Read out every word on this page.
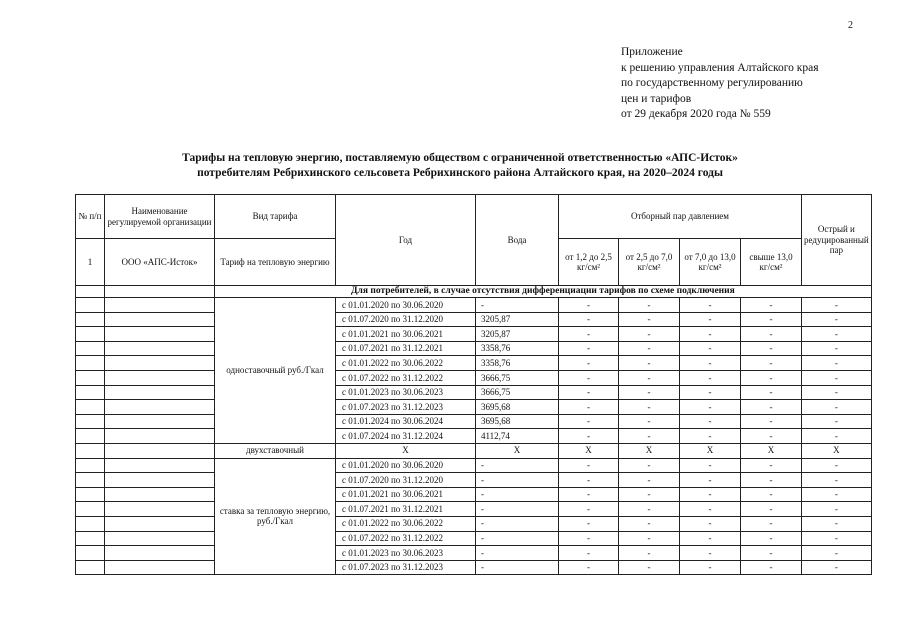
2
Приложение
к решению управления Алтайского края
по государственному регулированию
цен и тарифов
от 29 декабря 2020 года № 559
Тарифы на тепловую энергию, поставляемую обществом с ограниченной ответственностью «АПС-Исток»
потребителям Ребрихинского сельсовета Ребрихинского района Алтайского края, на 2020–2024 годы
№ п/п	Наименование регулируемой организации	Вид тарифа	Год	Вода	Отборный пар давлением				Острый и редуцированный пар
1	ООО «АПС-Исток»	Тариф на тепловую энергию			от 1,2 до 2,5 кг/см²	от 2,5 до 7,0 кг/см²	от 7,0 до 13,0 кг/см²	свыше 13,0 кг/см²	
		Для потребителей, в случае отсутствия дифференциации тарифов по схеме подключения							
		одноставочный руб./Гкал	с 01.01.2020 по 30.06.2020	-	-	-	-	-	-
			с 01.07.2020 по 31.12.2020	3205,87	-	-	-	-	-
			с 01.01.2021 по 30.06.2021	3205,87	-	-	-	-	-
			с 01.07.2021 по 31.12.2021	3358,76	-	-	-	-	-
			с 01.01.2022 по 30.06.2022	3358,76	-	-	-	-	-
			с 01.07.2022 по 31.12.2022	3666,75	-	-	-	-	-
			с 01.01.2023 по 30.06.2023	3666,75	-	-	-	-	-
			с 01.07.2023 по 31.12.2023	3695,68	-	-	-	-	-
			с 01.01.2024 по 30.06.2024	3695,68	-	-	-	-	-
			с 01.07.2024 по 31.12.2024	4112,74	-	-	-	-	-
		двухставочный	Х	Х	Х	Х	Х	Х	Х
		ставка за тепловую энергию, руб./Гкал	с 01.01.2020 по 30.06.2020	-	-	-	-	-	-
			с 01.07.2020 по 31.12.2020	-	-	-	-	-	-
			с 01.01.2021 по 30.06.2021	-	-	-	-	-	-
			с 01.07.2021 по 31.12.2021	-	-	-	-	-	-
			с 01.01.2022 по 30.06.2022	-	-	-	-	-	-
			с 01.07.2022 по 31.12.2022	-	-	-	-	-	-
			с 01.01.2023 по 30.06.2023	-	-	-	-	-	-
			с 01.07.2023 по 31.12.2023	-	-	-	-	-	-
